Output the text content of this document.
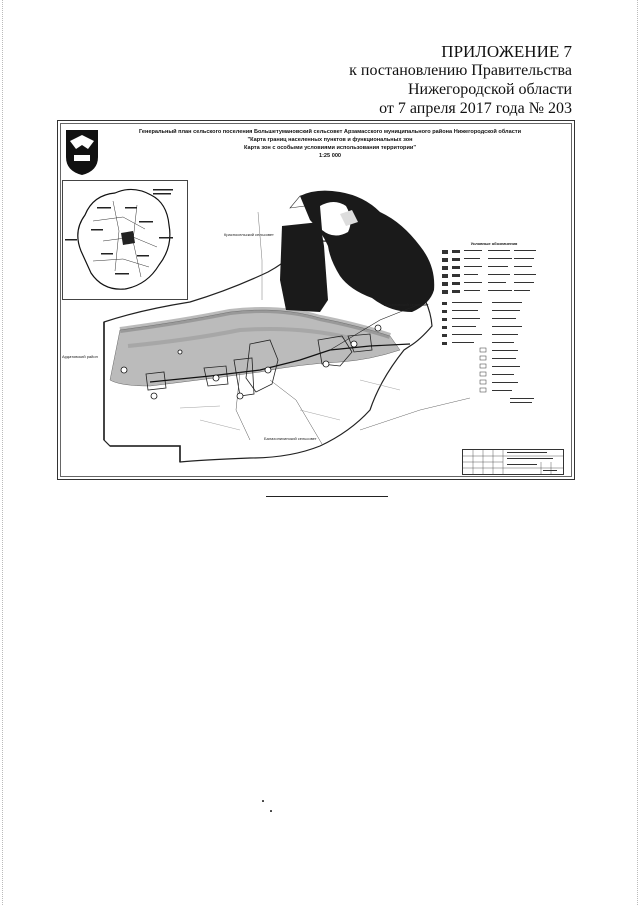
ПРИЛОЖЕНИЕ 7
к постановлению Правительства
Нижегородской области
от 7 апреля 2017 года № 203
Генеральный план сельского поселения Большетумановский сельсовет Арзамасского муниципального района Нижегородской области
"Карта границ населенных пунктов и функциональных зон
Карта зон с особыми условиями использования территории"
1:25 000
Красносельский сельсовет
Абрамовский сельсовет
Ардатовский район
Балахонихинский сельсовет
Условные обозначения
